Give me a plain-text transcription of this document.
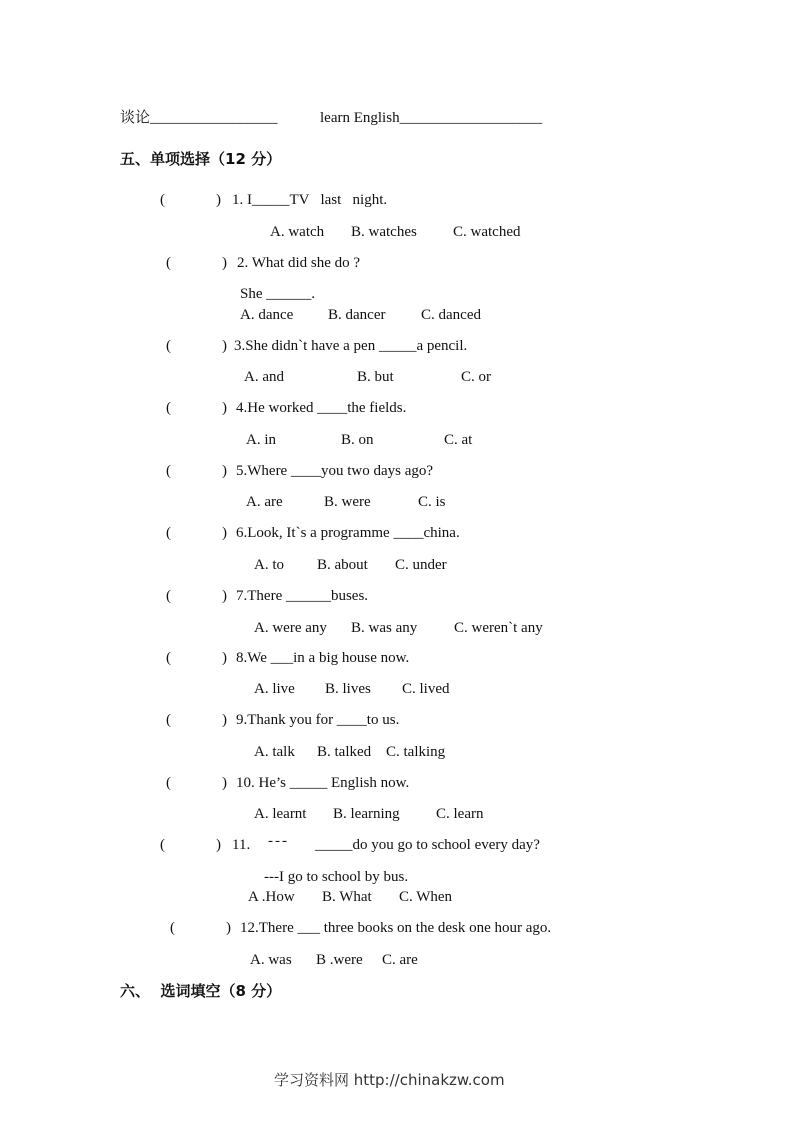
谈论_________________	learn English___________________
五、单项选择（12 分）
(	) 1. I_____TV   last   night.
A. watch B. watches C. watched
(	) 2. What did she do ?
She ______.
A. dance B. dancer C. danced
(	) 3.She didn`t have a pen _____a pencil.
A. and	B. but	C. or
(	) 4.He worked ____the fields.
A. in	B. on	C. at
(	) 5.Where ____you two days ago?
A. are	B. were	C. is
(	) 6.Look, It`s a programme ____china.
A. to B. about C. under
(	) 7.There ______buses.
A. were any B. was any C. weren`t any
(	) 8.We ___in a big house now.
A. live B. lives C. lived
(	) 9.Thank you for ____to us.
A. talk B. talked C. talking
(	) 10. He’s _____ English now.
A. learnt B. learning C. learn
(	) 11. --- _____do you go to school every day?
---I go to school by bus.
A .How B. What C. When
(	) 12.There ___ three books on the desk one hour ago.
A. was B .were C. are
六、  选词填空（8 分）
学习资料网 http://chinakzw.com
